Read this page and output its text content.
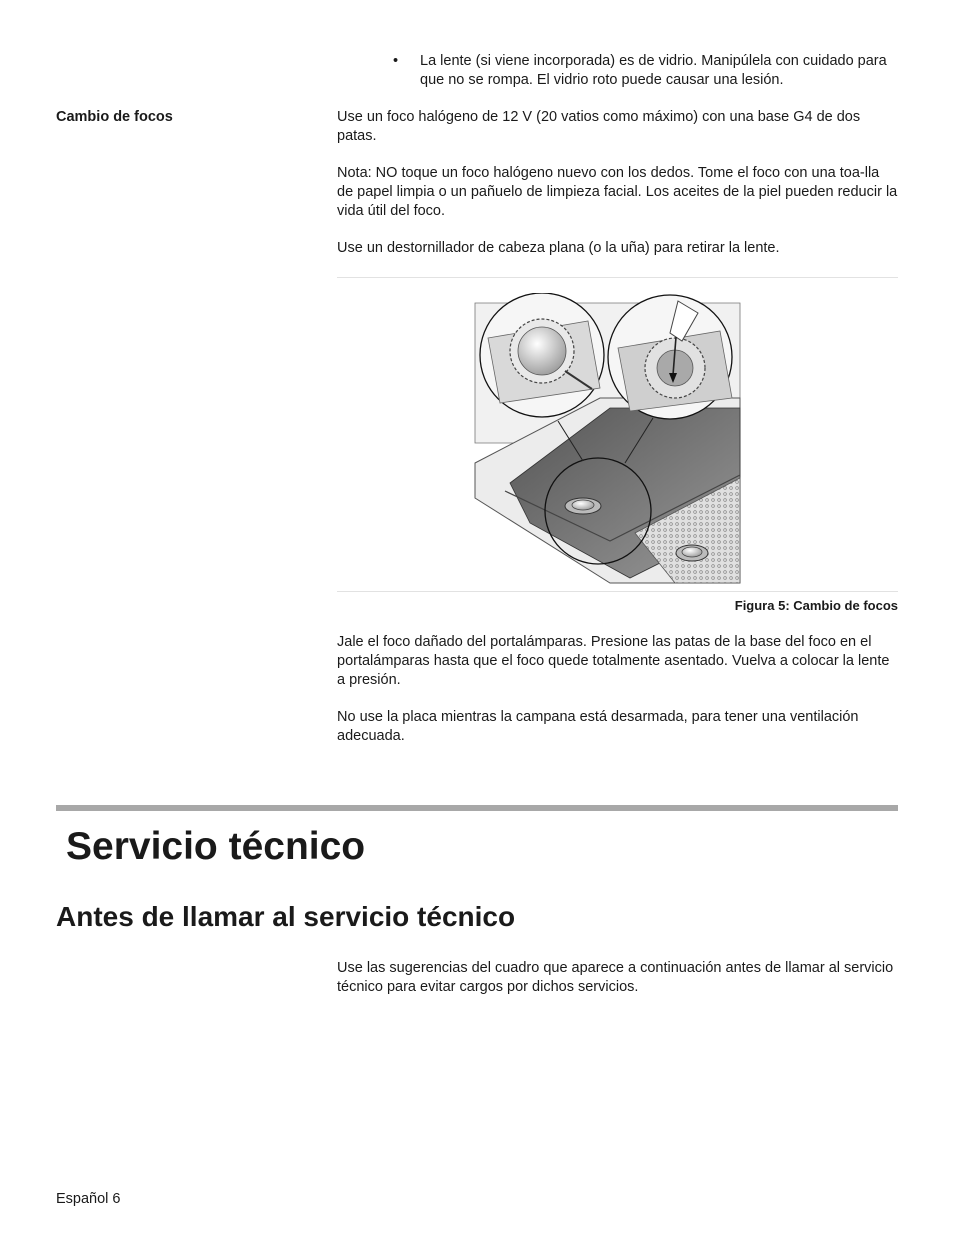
• La lente (si viene incorporada) es de vidrio. Manipúlela con cuidado para que no se rompa. El vidrio roto puede causar una lesión.

Cambio de focos	Use un foco halógeno de 12 V (20 vatios como máximo) con una base G4 de dos patas.

Nota: NO toque un foco halógeno nuevo con los dedos. Tome el foco con una toa-lla de papel limpia o un pañuelo de limpieza facial. Los aceites de la piel pueden reducir la vida útil del foco.

Use un destornillador de cabeza plana (o la uña) para retirar la lente.

Figura 5: Cambio de focos

Jale el foco dañado del portalámparas. Presione las patas de la base del foco en el portalámparas hasta que el foco quede totalmente asentado. Vuelva a colocar la lente a presión.

No use la placa mientras la campana está desarmada, para tener una ventilación adecuada.

Servicio técnico
Antes de llamar al servicio técnico

Use las sugerencias del cuadro que aparece a continuación antes de llamar al servicio técnico para evitar cargos por dichos servicios.

Español 6
